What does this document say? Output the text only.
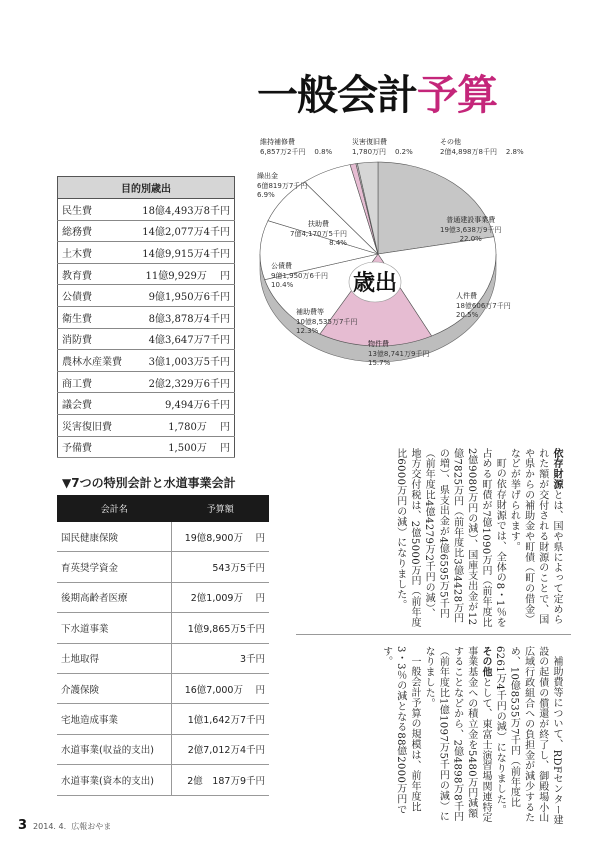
一般会計予算
歳出
維持補修費
6,857万2千円 0.8%
災害復旧費
1,780万円 0.2%
その他
2億4,898万8千円 2.8%
繰出金
6億819万7千円
6.9%
扶助費
7億4,170万5千円
8.4%
公債費
9億1,950万6千円
10.4%
補助費等
10億8,535万7千円
12.3%
物件費
13億8,741万9千円
15.7%
人件費
18億606万7千円
20.5%
普通建設事業費
19億3,638万9千円
22.0%
目的別歳出	
民生費	18億4,493万8千円
総務費	14億2,077万4千円
土木費	14億9,915万4千円
教育費	11億9,929万　 円
公債費	9億1,950万6千円
衛生費	8億3,878万4千円
消防費	4億3,647万7千円
農林水産業費	3億1,003万5千円
商工費	2億2,329万6千円
議会費	9,494万6千円
災害復旧費	1,780万　 円
予備費	1,500万　 円
▼7つの特別会計と水道事業会計
会計名	予算額
国民健康保険	19億8,900万　 円
育英奨学資金	543万5千円
後期高齢者医療	2億1,009万　 円
下水道事業	1億9,865万5千円
土地取得	3千円
介護保険	16億7,000万　 円
宅地造成事業	1億1,642万7千円
水道事業(収益的支出)	2億7,012万4千円
水道事業(資本的支出)	2億　187万9千円

依存財源とは、国や県によって定められた額が交付される財源のことで、国や県からの補助金や町債（町の借金）などが挙げられます。

町の依存財源では、全体の8・1％を占める町債が7億1090万円（前年度比2億9080万円の減）、国庫支出金が12億7825万円（前年度比3億4428万円の増）、県支出金が4億6595万5千円（前年度比4億4279万2千円の減）、地方交付税は、2億5000万円（前年度比6000万円の減）になりました。

補助費等について、RDFセンター建設の起債の償還が終了し、御殿場小山広域行政組合への負担金が減少するため、10億8535万7千円（前年度比6261万4千円の減）になりました。

その他として、東富士演習場関連特定事業基金への積立金を5480万円減額することなどから、2億4898万8千円（前年度比1億1097万5千円の減）になりました。

一般会計予算の規模は、前年度比3・3％の減となる88億2000万円です。

3 2014. 4. 広報おやま
